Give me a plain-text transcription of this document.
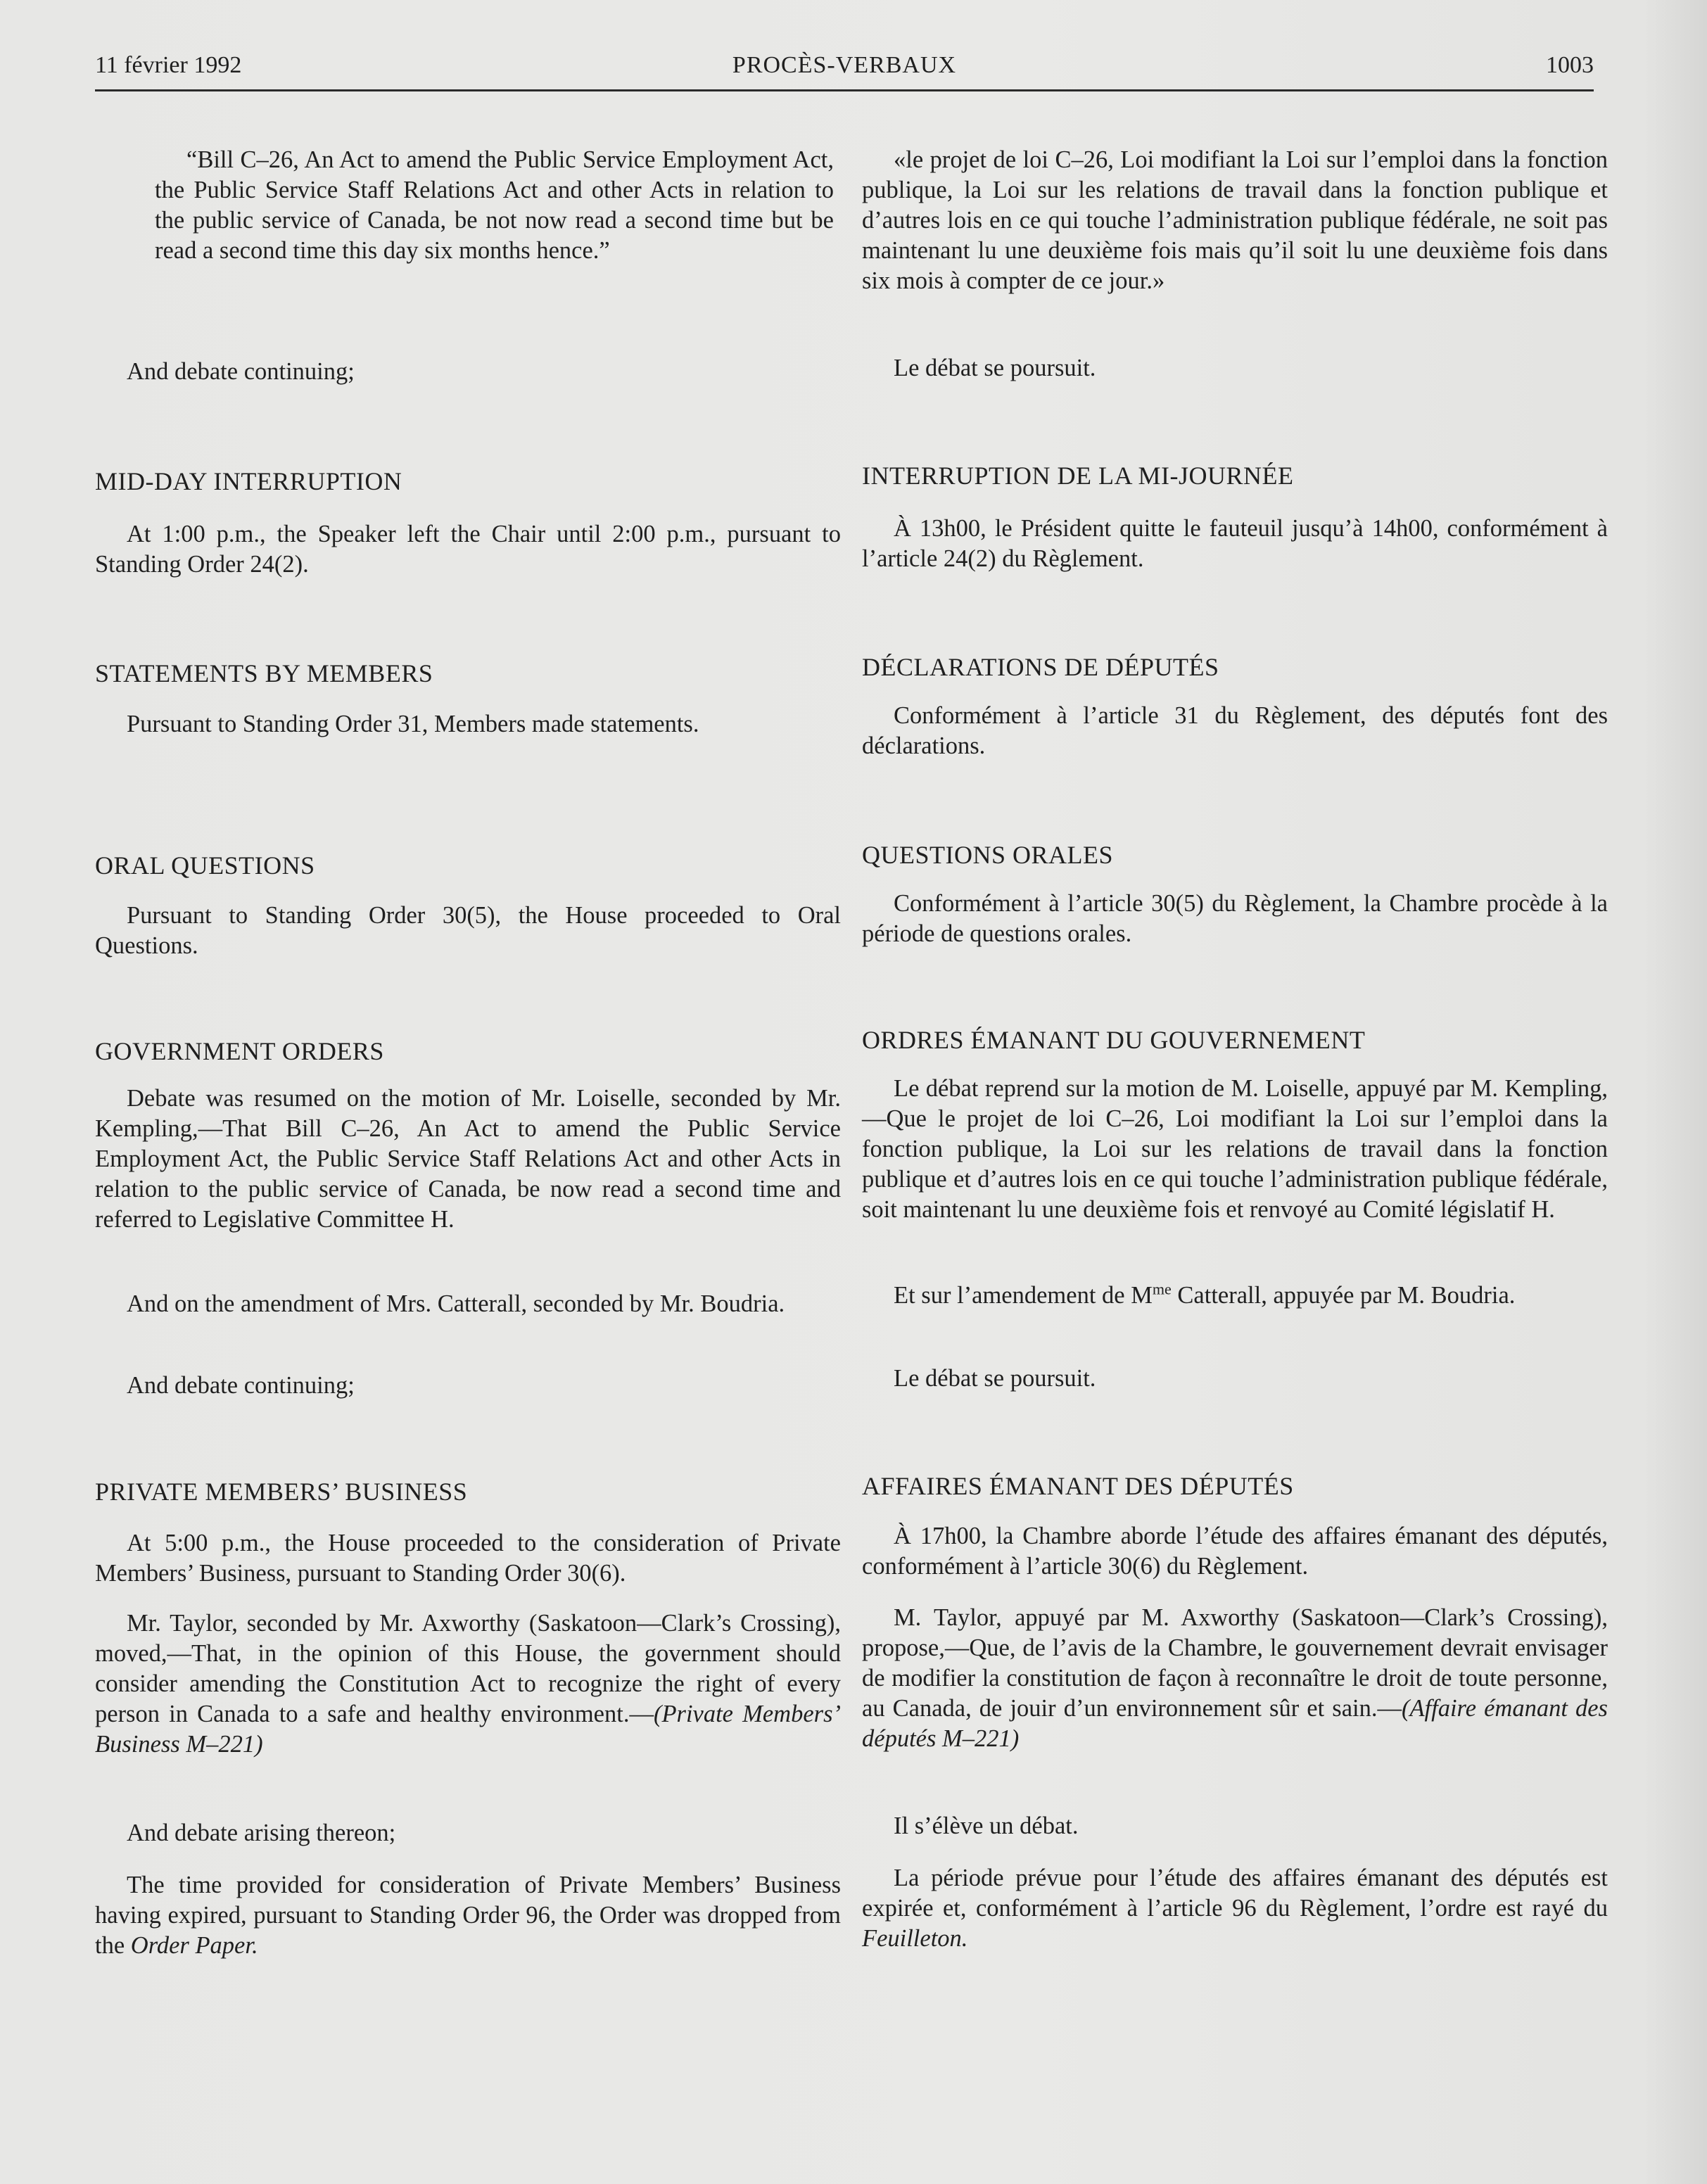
11 février 1992	PROCÈS-VERBAUX	1003

“Bill C–26, An Act to amend the Public Service Employment Act, the Public Service Staff Relations Act and other Acts in relation to the public service of Canada, be not now read a second time but be read a second time this day six months hence.”

And debate continuing;

MID-DAY INTERRUPTION

At 1:00 p.m., the Speaker left the Chair until 2:00 p.m., pursuant to Standing Order 24(2).

STATEMENTS BY MEMBERS

Pursuant to Standing Order 31, Members made statements.

ORAL QUESTIONS

Pursuant to Standing Order 30(5), the House proceeded to Oral Questions.

GOVERNMENT ORDERS

Debate was resumed on the motion of Mr. Loiselle, seconded by Mr. Kempling,—That Bill C–26, An Act to amend the Public Service Employment Act, the Public Service Staff Relations Act and other Acts in relation to the public service of Canada, be now read a second time and referred to Legislative Committee H.

And on the amendment of Mrs. Catterall, seconded by Mr. Boudria.

And debate continuing;

PRIVATE MEMBERS’ BUSINESS

At 5:00 p.m., the House proceeded to the consideration of Private Members’ Business, pursuant to Standing Order 30(6).

Mr. Taylor, seconded by Mr. Axworthy (Saskatoon—Clark’s Crossing), moved,—That, in the opinion of this House, the government should consider amending the Constitution Act to recognize the right of every person in Canada to a safe and healthy environment.—(Private Members’ Business M–221)

And debate arising thereon;

The time provided for consideration of Private Members’ Business having expired, pursuant to Standing Order 96, the Order was dropped from the Order Paper.

«le projet de loi C–26, Loi modifiant la Loi sur l’emploi dans la fonction publique, la Loi sur les relations de travail dans la fonction publique et d’autres lois en ce qui touche l’administration publique fédérale, ne soit pas maintenant lu une deuxième fois mais qu’il soit lu une deuxième fois dans six mois à compter de ce jour.»

Le débat se poursuit.

INTERRUPTION DE LA MI-JOURNÉE

À 13h00, le Président quitte le fauteuil jusqu’à 14h00, conformément à l’article 24(2) du Règlement.

DÉCLARATIONS DE DÉPUTÉS

Conformément à l’article 31 du Règlement, des députés font des déclarations.

QUESTIONS ORALES

Conformément à l’article 30(5) du Règlement, la Chambre procède à la période de questions orales.

ORDRES ÉMANANT DU GOUVERNEMENT

Le débat reprend sur la motion de M. Loiselle, appuyé par M. Kempling,—Que le projet de loi C–26, Loi modifiant la Loi sur l’emploi dans la fonction publique, la Loi sur les relations de travail dans la fonction publique et d’autres lois en ce qui touche l’administration publique fédérale, soit maintenant lu une deuxième fois et renvoyé au Comité législatif H.

Et sur l’amendement de $M^{me}$ Catterall, appuyée par M. Boudria.

Le débat se poursuit.

AFFAIRES ÉMANANT DES DÉPUTÉS

À 17h00, la Chambre aborde l’étude des affaires émanant des députés, conformément à l’article 30(6) du Règlement.

M. Taylor, appuyé par M. Axworthy (Saskatoon—Clark’s Crossing), propose,—Que, de l’avis de la Chambre, le gouvernement devrait envisager de modifier la constitution de façon à reconnaître le droit de toute personne, au Canada, de jouir d’un environnement sûr et sain.—(Affaire émanant des députés M–221)

Il s’élève un débat.

La période prévue pour l’étude des affaires émanant des députés est expirée et, conformément à l’article 96 du Règlement, l’ordre est rayé du Feuilleton.
